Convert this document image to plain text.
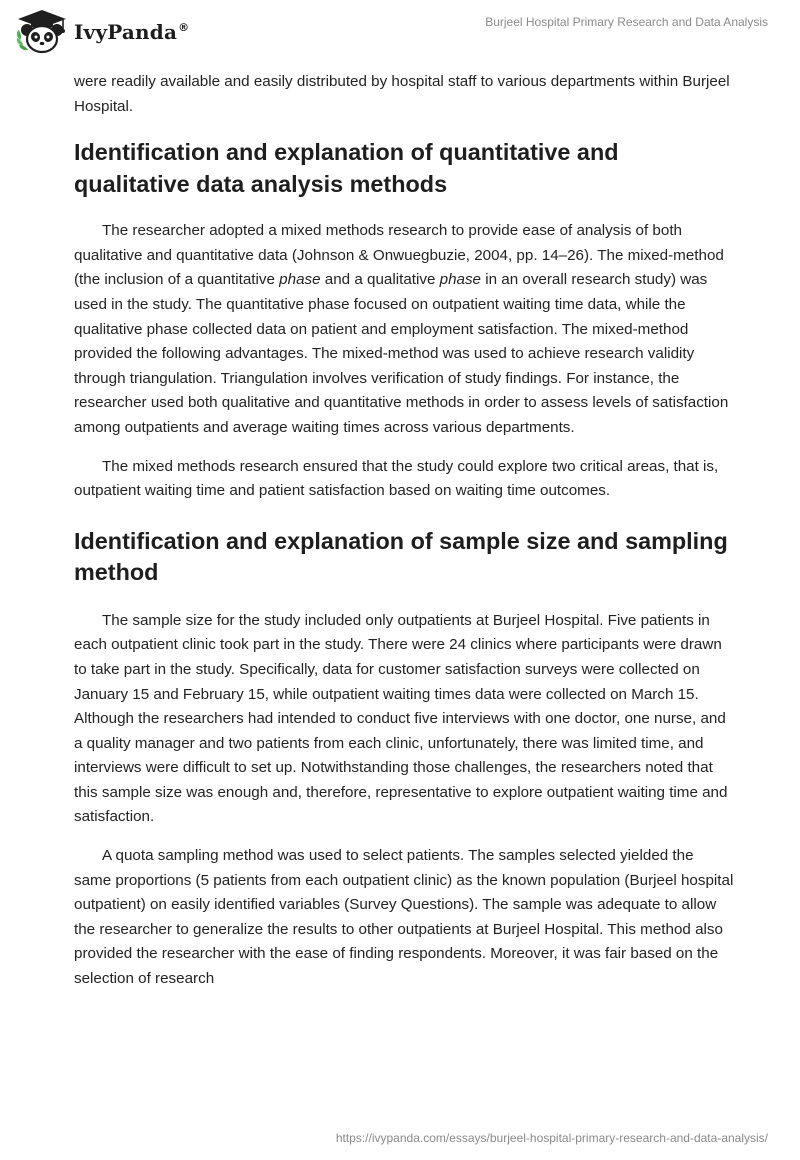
IvyPanda®	Burjeel Hospital Primary Research and Data Analysis

were readily available and easily distributed by hospital staff to various departments within Burjeel Hospital.

Identification and explanation of quantitative and qualitative data analysis methods

The researcher adopted a mixed methods research to provide ease of analysis of both qualitative and quantitative data (Johnson & Onwuegbuzie, 2004, pp. 14–26). The mixed-method (the inclusion of a quantitative phase and a qualitative phase in an overall research study) was used in the study. The quantitative phase focused on outpatient waiting time data, while the qualitative phase collected data on patient and employment satisfaction. The mixed-method provided the following advantages. The mixed-method was used to achieve research validity through triangulation. Triangulation involves verification of study findings. For instance, the researcher used both qualitative and quantitative methods in order to assess levels of satisfaction among outpatients and average waiting times across various departments.

The mixed methods research ensured that the study could explore two critical areas, that is, outpatient waiting time and patient satisfaction based on waiting time outcomes.

Identification and explanation of sample size and sampling method

The sample size for the study included only outpatients at Burjeel Hospital. Five patients in each outpatient clinic took part in the study. There were 24 clinics where participants were drawn to take part in the study. Specifically, data for customer satisfaction surveys were collected on January 15 and February 15, while outpatient waiting times data were collected on March 15. Although the researchers had intended to conduct five interviews with one doctor, one nurse, and a quality manager and two patients from each clinic, unfortunately, there was limited time, and interviews were difficult to set up. Notwithstanding those challenges, the researchers noted that this sample size was enough and, therefore, representative to explore outpatient waiting time and satisfaction.

A quota sampling method was used to select patients. The samples selected yielded the same proportions (5 patients from each outpatient clinic) as the known population (Burjeel hospital outpatient) on easily identified variables (Survey Questions). The sample was adequate to allow the researcher to generalize the results to other outpatients at Burjeel Hospital. This method also provided the researcher with the ease of finding respondents. Moreover, it was fair based on the selection of research

https://ivypanda.com/essays/burjeel-hospital-primary-research-and-data-analysis/
